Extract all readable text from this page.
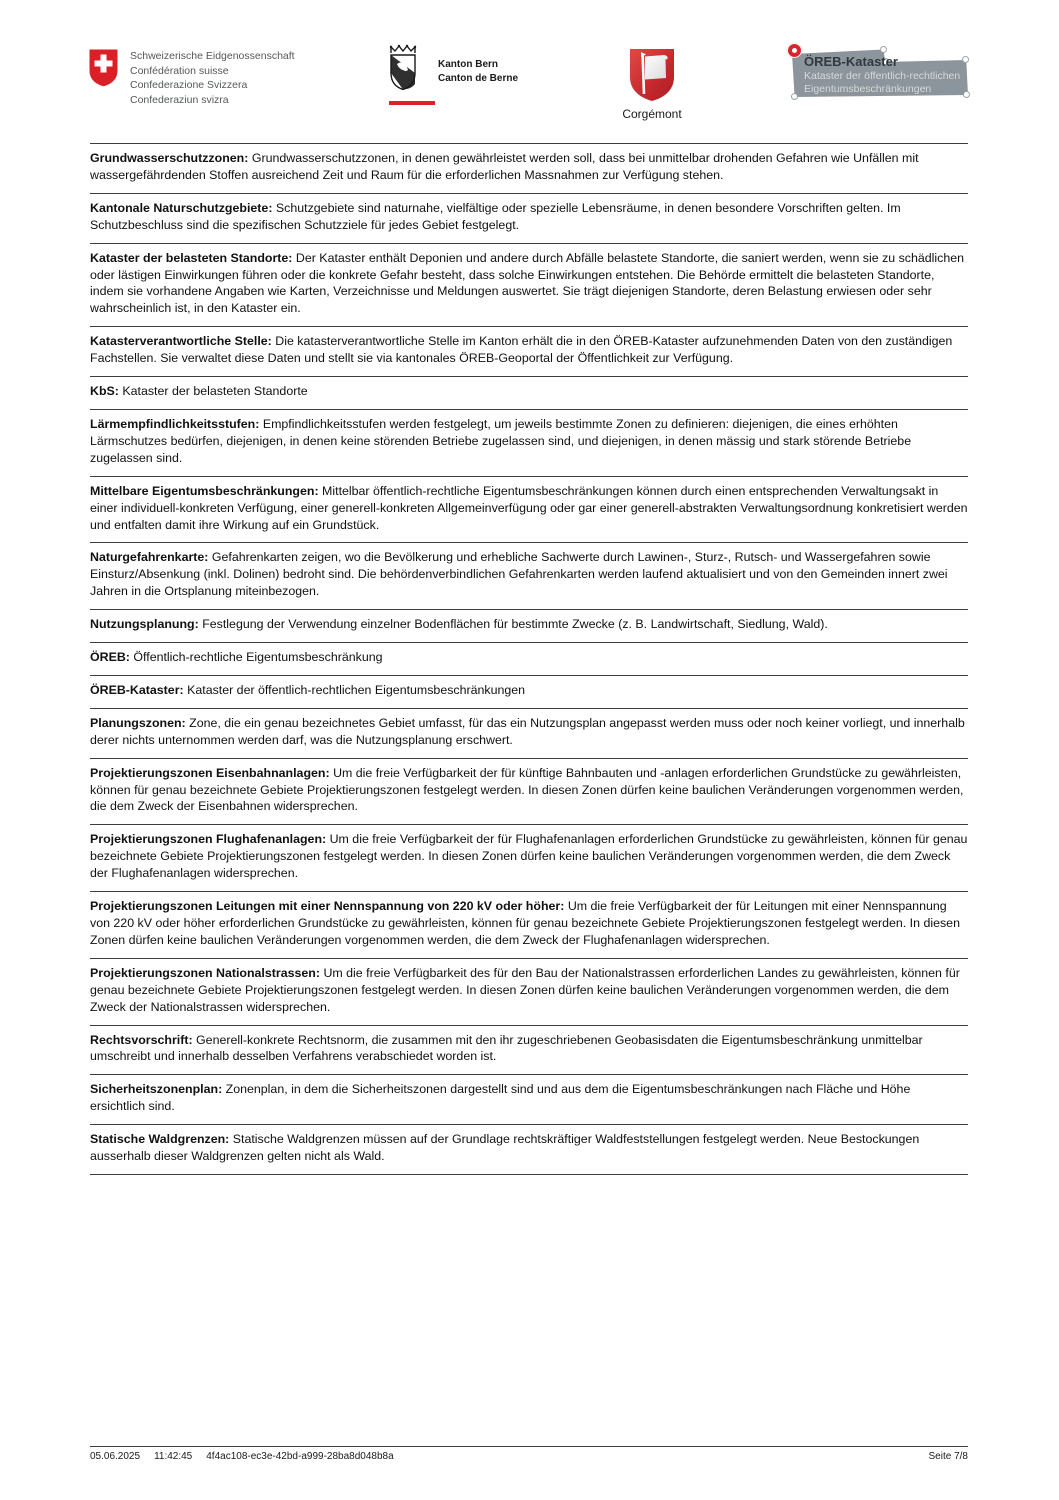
Schweizerische Eidgenossenschaft
Confédération suisse
Confederazione Svizzera
Confederaziun svizra
Kanton Bern
Canton de Berne
Corgémont
ÖREB-Kataster
Kataster der öffentlich-rechtlichen
Eigentumsbeschränkungen
Grundwasserschutzzonen: Grundwasserschutzzonen, in denen gewährleistet werden soll, dass bei unmittelbar drohenden Gefahren wie Unfällen mit wassergefährdenden Stoffen ausreichend Zeit und Raum für die erforderlichen Massnahmen zur Verfügung stehen.
Kantonale Naturschutzgebiete: Schutzgebiete sind naturnahe, vielfältige oder spezielle Lebensräume, in denen besondere Vorschriften gelten. Im Schutzbeschluss sind die spezifischen Schutzziele für jedes Gebiet festgelegt.
Kataster der belasteten Standorte: Der Kataster enthält Deponien und andere durch Abfälle belastete Standorte, die saniert werden, wenn sie zu schädlichen oder lästigen Einwirkungen führen oder die konkrete Gefahr besteht, dass solche Einwirkungen entstehen. Die Behörde ermittelt die belasteten Standorte, indem sie vorhandene Angaben wie Karten, Verzeichnisse und Meldungen auswertet. Sie trägt diejenigen Standorte, deren Belastung erwiesen oder sehr wahrscheinlich ist, in den Kataster ein.
Katasterverantwortliche Stelle: Die katasterverantwortliche Stelle im Kanton erhält die in den ÖREB-Kataster aufzunehmenden Daten von den zuständigen Fachstellen. Sie verwaltet diese Daten und stellt sie via kantonales ÖREB-Geoportal der Öffentlichkeit zur Verfügung.
KbS: Kataster der belasteten Standorte
Lärmempfindlichkeitsstufen: Empfindlichkeitsstufen werden festgelegt, um jeweils bestimmte Zonen zu definieren: diejenigen, die eines erhöhten Lärmschutzes bedürfen, diejenigen, in denen keine störenden Betriebe zugelassen sind, und diejenigen, in denen mässig und stark störende Betriebe zugelassen sind.
Mittelbare Eigentumsbeschränkungen: Mittelbar öffentlich-rechtliche Eigentumsbeschränkungen können durch einen entsprechenden Verwaltungsakt in einer individuell-konkreten Verfügung, einer generell-konkreten Allgemeinverfügung oder gar einer generell-abstrakten Verwaltungsordnung konkretisiert werden und entfalten damit ihre Wirkung auf ein Grundstück.
Naturgefahrenkarte: Gefahrenkarten zeigen, wo die Bevölkerung und erhebliche Sachwerte durch Lawinen-, Sturz-, Rutsch- und Wassergefahren sowie Einsturz/Absenkung (inkl. Dolinen) bedroht sind. Die behördenverbindlichen Gefahrenkarten werden laufend aktualisiert und von den Gemeinden innert zwei Jahren in die Ortsplanung miteinbezogen.
Nutzungsplanung: Festlegung der Verwendung einzelner Bodenflächen für bestimmte Zwecke (z. B. Landwirtschaft, Siedlung, Wald).
ÖREB: Öffentlich-rechtliche Eigentumsbeschränkung
ÖREB-Kataster: Kataster der öffentlich-rechtlichen Eigentumsbeschränkungen
Planungszonen: Zone, die ein genau bezeichnetes Gebiet umfasst, für das ein Nutzungsplan angepasst werden muss oder noch keiner vorliegt, und innerhalb derer nichts unternommen werden darf, was die Nutzungsplanung erschwert.
Projektierungszonen Eisenbahnanlagen: Um die freie Verfügbarkeit der für künftige Bahnbauten und -anlagen erforderlichen Grundstücke zu gewährleisten, können für genau bezeichnete Gebiete Projektierungszonen festgelegt werden. In diesen Zonen dürfen keine baulichen Veränderungen vorgenommen werden, die dem Zweck der Eisenbahnen widersprechen.
Projektierungszonen Flughafenanlagen: Um die freie Verfügbarkeit der für Flughafenanlagen erforderlichen Grundstücke zu gewährleisten, können für genau bezeichnete Gebiete Projektierungszonen festgelegt werden. In diesen Zonen dürfen keine baulichen Veränderungen vorgenommen werden, die dem Zweck der Flughafenanlagen widersprechen.
Projektierungszonen Leitungen mit einer Nennspannung von 220 kV oder höher: Um die freie Verfügbarkeit der für Leitungen mit einer Nennspannung von 220 kV oder höher erforderlichen Grundstücke zu gewährleisten, können für genau bezeichnete Gebiete Projektierungszonen festgelegt werden. In diesen Zonen dürfen keine baulichen Veränderungen vorgenommen werden, die dem Zweck der Flughafenanlagen widersprechen.
Projektierungszonen Nationalstrassen: Um die freie Verfügbarkeit des für den Bau der Nationalstrassen erforderlichen Landes zu gewährleisten, können für genau bezeichnete Gebiete Projektierungszonen festgelegt werden. In diesen Zonen dürfen keine baulichen Veränderungen vorgenommen werden, die dem Zweck der Nationalstrassen widersprechen.
Rechtsvorschrift: Generell-konkrete Rechtsnorm, die zusammen mit den ihr zugeschriebenen Geobasisdaten die Eigentumsbeschränkung unmittelbar umschreibt und innerhalb desselben Verfahrens verabschiedet worden ist.
Sicherheitszonenplan: Zonenplan, in dem die Sicherheitszonen dargestellt sind und aus dem die Eigentumsbeschränkungen nach Fläche und Höhe ersichtlich sind.
Statische Waldgrenzen: Statische Waldgrenzen müssen auf der Grundlage rechtskräftiger Waldfeststellungen festgelegt werden. Neue Bestockungen ausserhalb dieser Waldgrenzen gelten nicht als Wald.
05.06.2025 11:42:45 4f4ac108-ec3e-42bd-a999-28ba8d048b8a	Seite 7/8
